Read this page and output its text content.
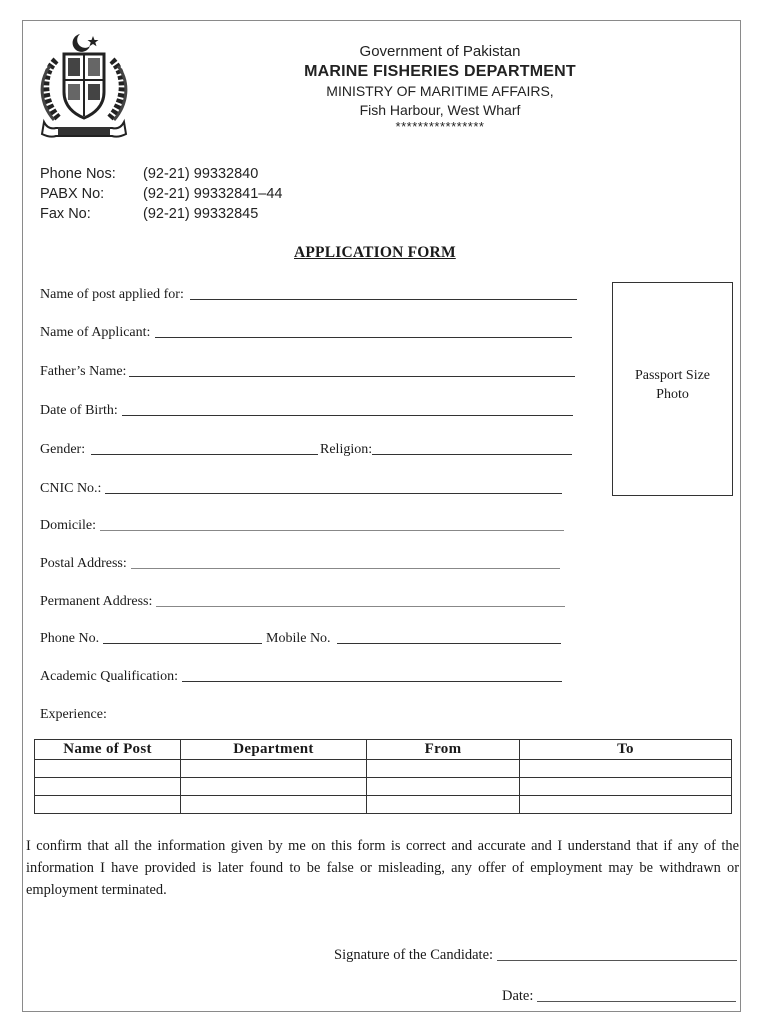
Government of Pakistan
MARINE FISHERIES DEPARTMENT
MINISTRY OF MARITIME AFFAIRS,
Fish Harbour, West Wharf
****************
Phone Nos:	(92-21) 99332840
PABX No:	(92-21) 99332841–44
Fax No:	(92-21) 99332845
APPLICATION FORM
Name of post applied for:
Name of Applicant:
Father’s Name:
Date of Birth:
Gender:	Religion:
CNIC No.:
Domicile:
Postal Address:
Permanent Address:
Phone No.	Mobile No.
Academic Qualification:
Experience:
Passport Size
Photo
Name of Post	Department	From	To

I confirm that all the information given by me on this form is correct and accurate and I understand that if any of the information I have provided is later found to be false or misleading, any offer of employment may be withdrawn or employment terminated.
Signature of the Candidate:
Date:
